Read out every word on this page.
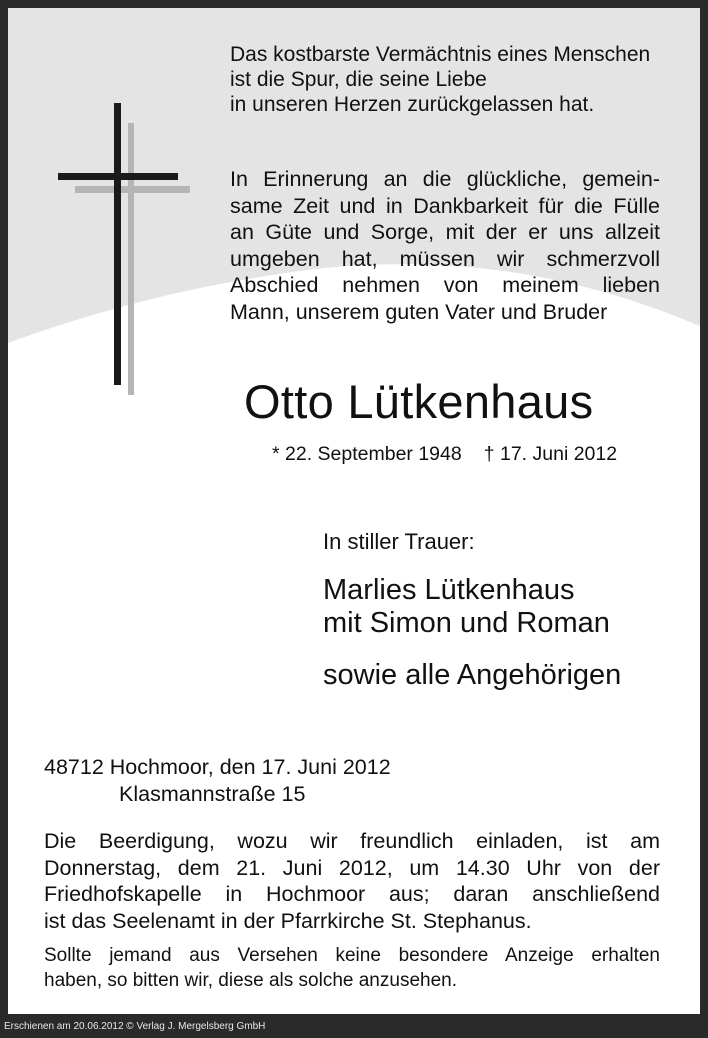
Das kostbarste Vermächtnis eines Menschen
ist die Spur, die seine Liebe
in unseren Herzen zurückgelassen hat.
In Erinnerung an die glückliche, gemein-
same Zeit und in Dankbarkeit für die Fülle
an Güte und Sorge, mit der er uns allzeit
umgeben hat, müssen wir schmerzvoll
Abschied nehmen von meinem lieben
Mann, unserem guten Vater und Bruder
Otto Lütkenhaus
* 22. September 1948 † 17. Juni 2012
In stiller Trauer:
Marlies Lütkenhaus
mit Simon und Roman
sowie alle Angehörigen
48712 Hochmoor, den 17. Juni 2012
Klasmannstraße 15
Die Beerdigung, wozu wir freundlich einladen, ist am
Donnerstag, dem 21. Juni 2012, um 14.30 Uhr von der
Friedhofskapelle in Hochmoor aus; daran anschließend
ist das Seelenamt in der Pfarrkirche St. Stephanus.
Sollte jemand aus Versehen keine besondere Anzeige erhalten
haben, so bitten wir, diese als solche anzusehen.
Erschienen am 20.06.2012 © Verlag J. Mergelsberg GmbH
